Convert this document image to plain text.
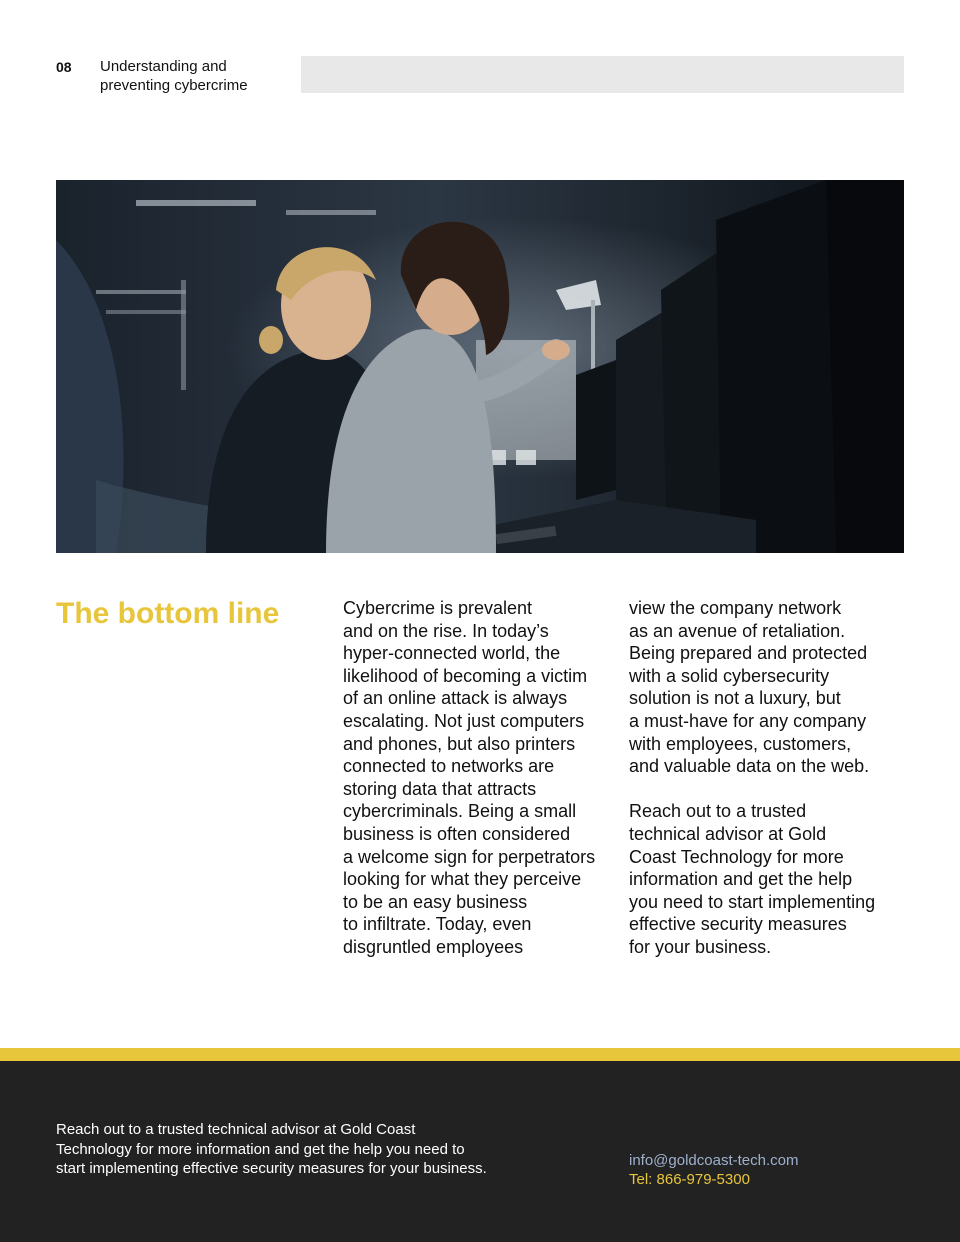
08 Understanding and
preventing cybercrime
The bottom line	Cybercrime is prevalent
and on the rise. In today’s
hyper-connected world, the
likelihood of becoming a victim
of an online attack is always
escalating. Not just computers
and phones, but also printers
connected to networks are
storing data that attracts
cybercriminals. Being a small
business is often considered
a welcome sign for perpetrators
looking for what they perceive
to be an easy business
to infiltrate. Today, even
disgruntled employees

view the company network
as an avenue of retaliation.
Being prepared and protected
with a solid cybersecurity
solution is not a luxury, but
a must-have for any company
with employees, customers,
and valuable data on the web.

Reach out to a trusted
technical advisor at Gold
Coast Technology for more
information and get the help
you need to start implementing
effective security measures
for your business.

Reach out to a trusted technical advisor at Gold Coast
Technology for more information and get the help you need to
start implementing effective security measures for your business.	info@goldcoast-tech.com
Tel: 866-979-5300
